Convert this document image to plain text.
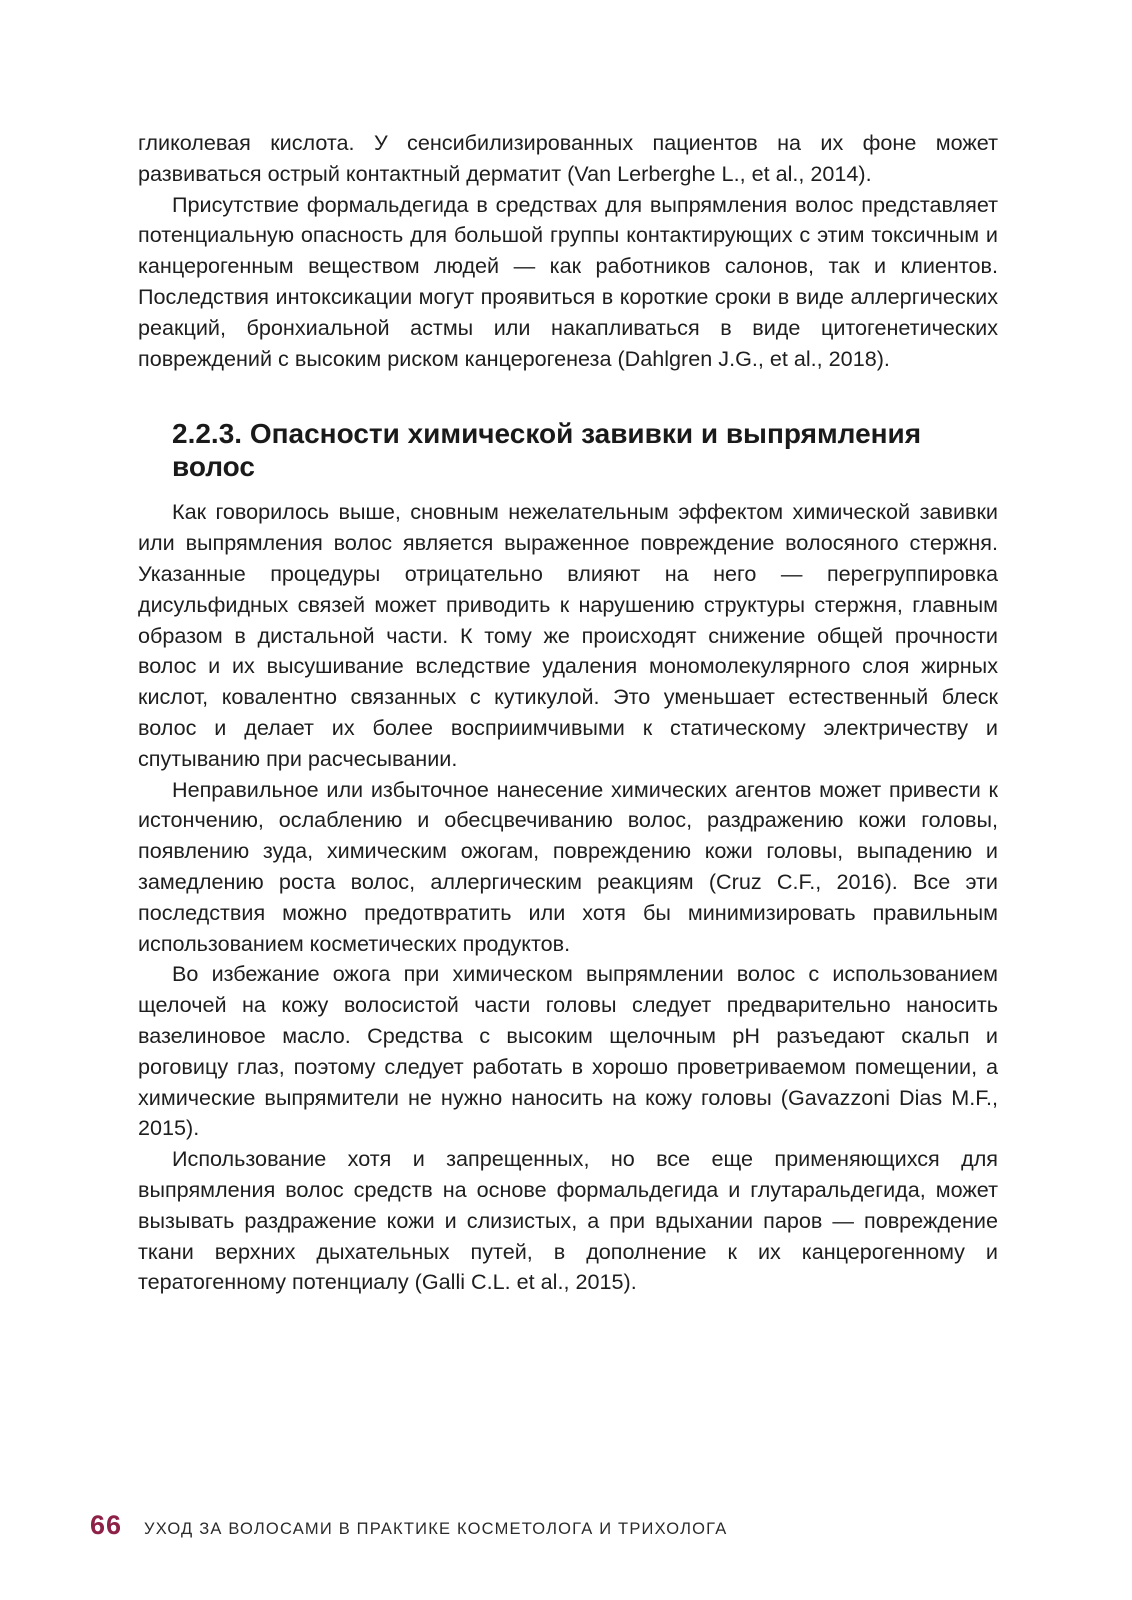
гликолевая кислота. У сенсибилизированных пациентов на их фоне может развиваться острый контактный дерматит (Van Lerberghe L., et al., 2014).

Присутствие формальдегида в средствах для выпрямления волос представляет потенциальную опасность для большой группы контактирующих с этим токсичным и канцерогенным веществом людей — как работников салонов, так и клиентов. Последствия интоксикации могут проявиться в короткие сроки в виде аллергических реакций, бронхиальной астмы или накапливаться в виде цитогенетических повреждений с высоким риском канцерогенеза (Dahlgren J.G., et al., 2018).

2.2.3. Опасности химической завивки и выпрямления волос

Как говорилось выше, сновным нежелательным эффектом химической завивки или выпрямления волос является выраженное повреждение волосяного стержня. Указанные процедуры отрицательно влияют на него — перегруппировка дисульфидных связей может приводить к нарушению структуры стержня, главным образом в дистальной части. К тому же происходят снижение общей прочности волос и их высушивание вследствие удаления мономолекулярного слоя жирных кислот, ковалентно связанных с кутикулой. Это уменьшает естественный блеск волос и делает их более восприимчивыми к статическому электричеству и спутыванию при расчесывании.

Неправильное или избыточное нанесение химических агентов может привести к истончению, ослаблению и обесцвечиванию волос, раздражению кожи головы, появлению зуда, химическим ожогам, повреждению кожи головы, выпадению и замедлению роста волос, аллергическим реакциям (Cruz C.F., 2016). Все эти последствия можно предотвратить или хотя бы минимизировать правильным использованием косметических продуктов.

Во избежание ожога при химическом выпрямлении волос с использованием щелочей на кожу волосистой части головы следует предварительно наносить вазелиновое масло. Средства с высоким щелочным pH разъедают скальп и роговицу глаз, поэтому следует работать в хорошо проветриваемом помещении, а химические выпрямители не нужно наносить на кожу головы (Gavazzoni Dias M.F., 2015).

Использование хотя и запрещенных, но все еще применяющихся для выпрямления волос средств на основе формальдегида и глутаральдегида, может вызывать раздражение кожи и слизистых, а при вдыхании паров — повреждение ткани верхних дыхательных путей, в дополнение к их канцерогенному и тератогенному потенциалу (Galli C.L. et al., 2015).

66 УХОД ЗА ВОЛОСАМИ В ПРАКТИКЕ КОСМЕТОЛОГА И ТРИХОЛОГА
